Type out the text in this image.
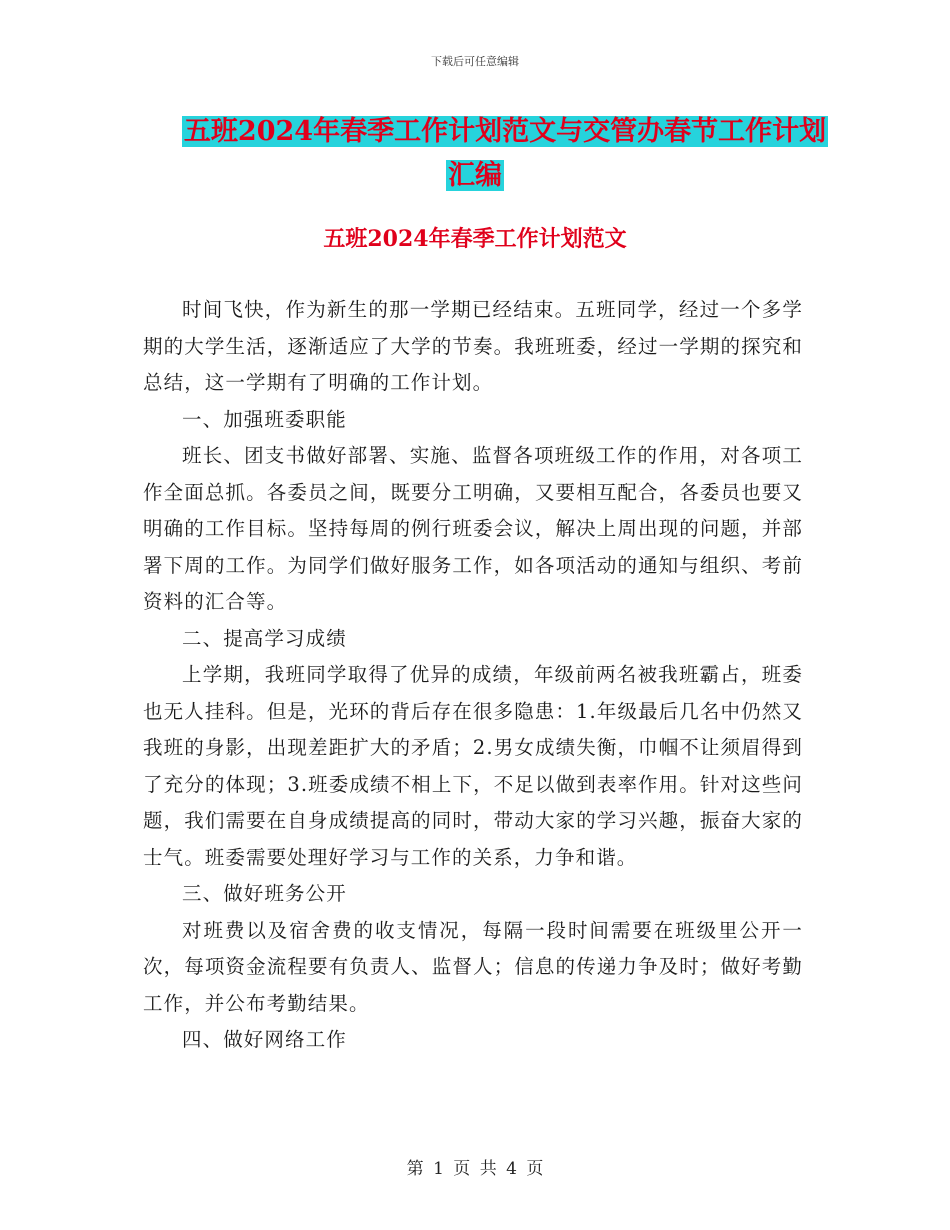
下载后可任意编辑
五班2024年春季工作计划范文与交管办春节工作计划
汇编
五班2024年春季工作计划范文

时间飞快，作为新生的那一学期已经结束。五班同学，经过一个多学期的大学生活，逐渐适应了大学的节奏。我班班委，经过一学期的探究和总结，这一学期有了明确的工作计划。

一、加强班委职能

班长、团支书做好部署、实施、监督各项班级工作的作用，对各项工作全面总抓。各委员之间，既要分工明确，又要相互配合，各委员也要又明确的工作目标。坚持每周的例行班委会议，解决上周出现的问题，并部署下周的工作。为同学们做好服务工作，如各项活动的通知与组织、考前资料的汇合等。

二、提高学习成绩

上学期，我班同学取得了优异的成绩，年级前两名被我班霸占，班委也无人挂科。但是，光环的背后存在很多隐患：1.年级最后几名中仍然又我班的身影，出现差距扩大的矛盾；2.男女成绩失衡，巾帼不让须眉得到了充分的体现；3.班委成绩不相上下，不足以做到表率作用。针对这些问题，我们需要在自身成绩提高的同时，带动大家的学习兴趣，振奋大家的士气。班委需要处理好学习与工作的关系，力争和谐。

三、做好班务公开

对班费以及宿舍费的收支情况，每隔一段时间需要在班级里公开一次，每项资金流程要有负责人、监督人；信息的传递力争及时；做好考勤工作，并公布考勤结果。

四、做好网络工作

第 1 页 共 4 页
